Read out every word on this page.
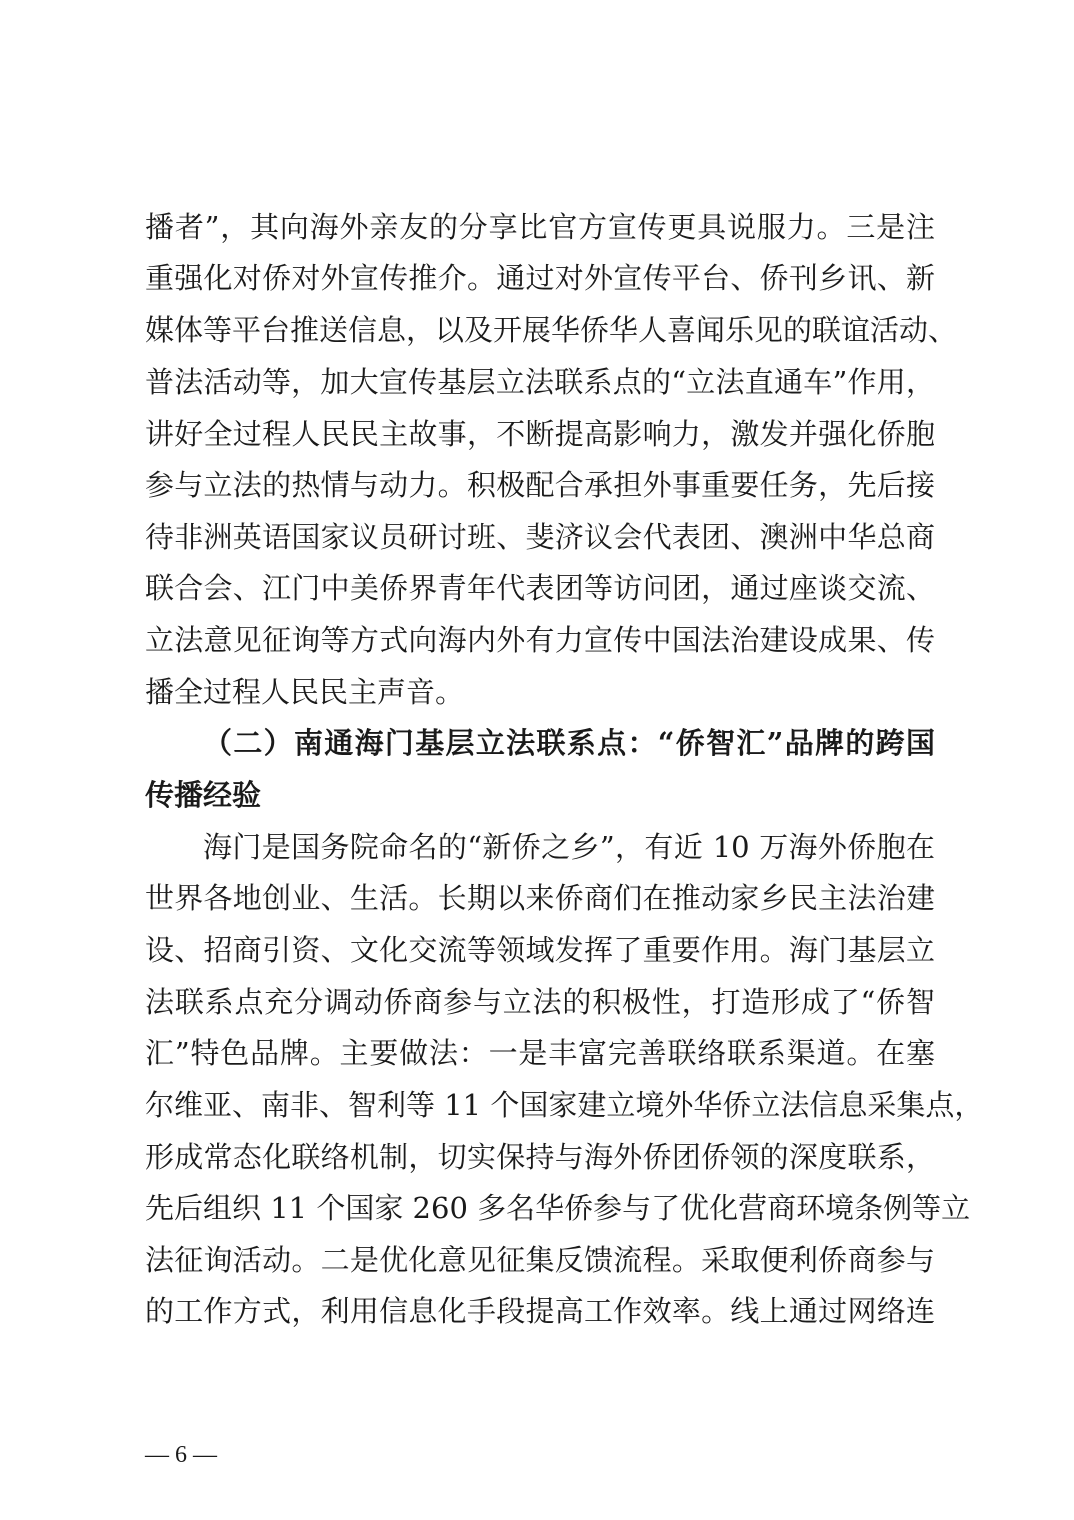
播者”，其向海外亲友的分享比官方宣传更具说服力。三是注
重强化对侨对外宣传推介。通过对外宣传平台、侨刊乡讯、新
媒体等平台推送信息，以及开展华侨华人喜闻乐见的联谊活动、
普法活动等，加大宣传基层立法联系点的“立法直通车”作用，
讲好全过程人民民主故事，不断提高影响力，激发并强化侨胞
参与立法的热情与动力。积极配合承担外事重要任务，先后接
待非洲英语国家议员研讨班、斐济议会代表团、澳洲中华总商
联合会、江门中美侨界青年代表团等访问团，通过座谈交流、
立法意见征询等方式向海内外有力宣传中国法治建设成果、传
播全过程人民民主声音。
（二）南通海门基层立法联系点：“侨智汇”品牌的跨国
传播经验
海门是国务院命名的“新侨之乡”，有近 10 万海外侨胞在
世界各地创业、生活。长期以来侨商们在推动家乡民主法治建
设、招商引资、文化交流等领域发挥了重要作用。海门基层立
法联系点充分调动侨商参与立法的积极性，打造形成了“侨智
汇”特色品牌。主要做法：一是丰富完善联络联系渠道。在塞
尔维亚、南非、智利等 11 个国家建立境外华侨立法信息采集点，
形成常态化联络机制，切实保持与海外侨团侨领的深度联系，
先后组织 11 个国家 260 多名华侨参与了优化营商环境条例等立
法征询活动。二是优化意见征集反馈流程。采取便利侨商参与
的工作方式，利用信息化手段提高工作效率。线上通过网络连
— 6 —
